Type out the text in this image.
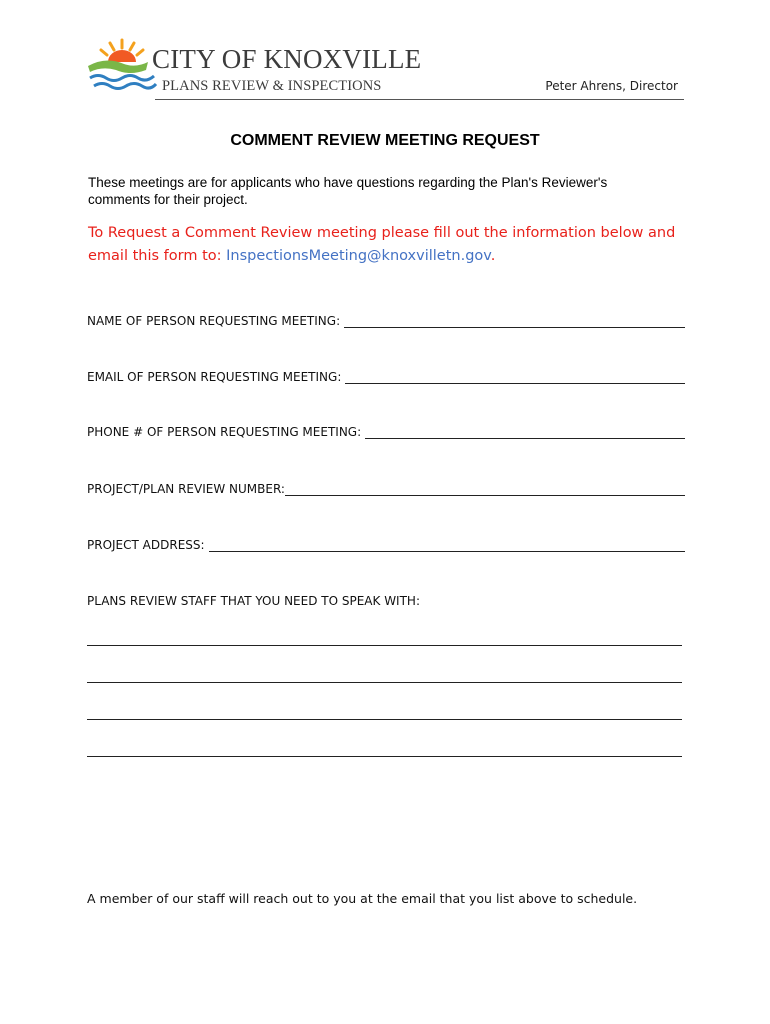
CITY OF KNOXVILLE
PLANS REVIEW & INSPECTIONS	Peter Ahrens, Director
COMMENT REVIEW MEETING REQUEST
These meetings are for applicants who have questions regarding the Plan's Reviewer's comments for their project.
To Request a Comment Review meeting please fill out the information below and email this form to: InspectionsMeeting@knoxvilletn.gov.
NAME OF PERSON REQUESTING MEETING:
EMAIL OF PERSON REQUESTING MEETING:
PHONE # OF PERSON REQUESTING MEETING:
PROJECT/PLAN REVIEW NUMBER:
PROJECT ADDRESS:
PLANS REVIEW STAFF THAT YOU NEED TO SPEAK WITH:
A member of our staff will reach out to you at the email that you list above to schedule.
